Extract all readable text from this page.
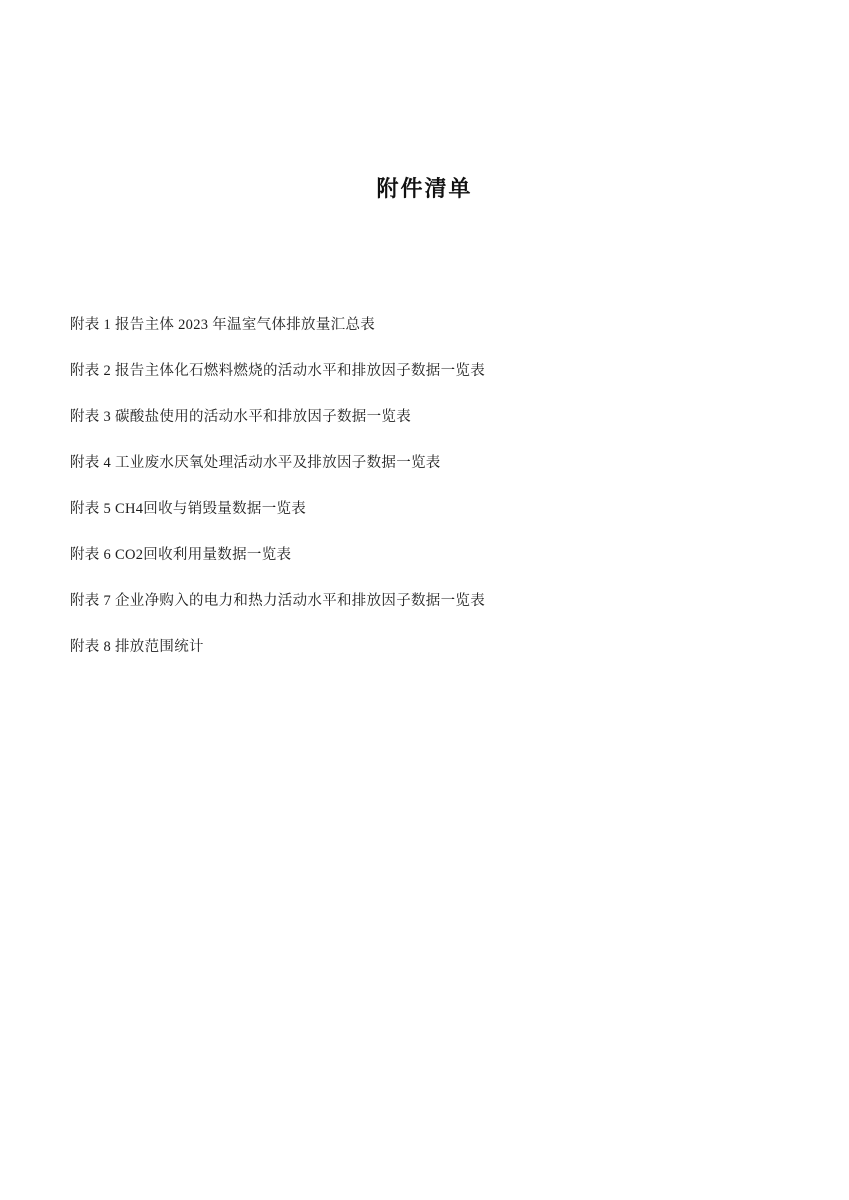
附件清单
附表 1 报告主体 2023 年温室气体排放量汇总表
附表 2 报告主体化石燃料燃烧的活动水平和排放因子数据一览表
附表 3 碳酸盐使用的活动水平和排放因子数据一览表
附表 4 工业废水厌氧处理活动水平及排放因子数据一览表
附表 5 CH4回收与销毁量数据一览表
附表 6 CO2回收利用量数据一览表
附表 7 企业净购入的电力和热力活动水平和排放因子数据一览表
附表 8 排放范围统计
